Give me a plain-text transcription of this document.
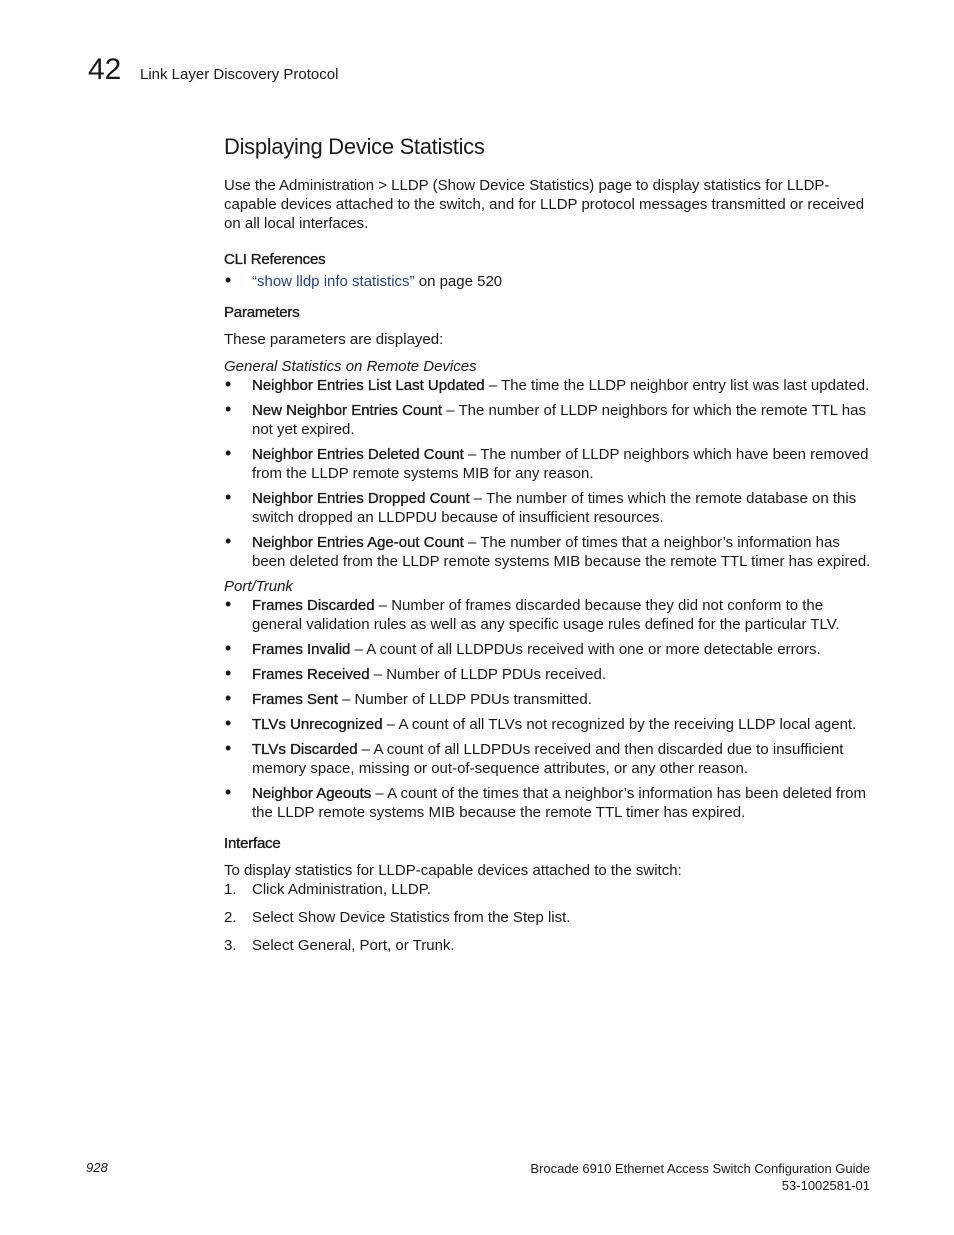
42 Link Layer Discovery Protocol
Displaying Device Statistics

Use the Administration > LLDP (Show Device Statistics) page to display statistics for LLDP-capable devices attached to the switch, and for LLDP protocol messages transmitted or received on all local interfaces.

CLI References
• “show lldp info statistics” on page 520
Parameters

These parameters are displayed:

General Statistics on Remote Devices

• Neighbor Entries List Last Updated – The time the LLDP neighbor entry list was last updated.
• New Neighbor Entries Count – The number of LLDP neighbors for which the remote TTL has not yet expired.
• Neighbor Entries Deleted Count – The number of LLDP neighbors which have been removed from the LLDP remote systems MIB for any reason.
• Neighbor Entries Dropped Count – The number of times which the remote database on this switch dropped an LLDPDU because of insufficient resources.
• Neighbor Entries Age-out Count – The number of times that a neighbor’s information has been deleted from the LLDP remote systems MIB because the remote TTL timer has expired.

Port/Trunk

• Frames Discarded – Number of frames discarded because they did not conform to the general validation rules as well as any specific usage rules defined for the particular TLV.
• Frames Invalid – A count of all LLDPDUs received with one or more detectable errors.
• Frames Received – Number of LLDP PDUs received.
• Frames Sent – Number of LLDP PDUs transmitted.
• TLVs Unrecognized – A count of all TLVs not recognized by the receiving LLDP local agent.
• TLVs Discarded – A count of all LLDPDUs received and then discarded due to insufficient memory space, missing or out-of-sequence attributes, or any other reason.
• Neighbor Ageouts – A count of the times that a neighbor’s information has been deleted from the LLDP remote systems MIB because the remote TTL timer has expired.
Interface

To display statistics for LLDP-capable devices attached to the switch:

1. Click Administration, LLDP.
2. Select Show Device Statistics from the Step list.
3. Select General, Port, or Trunk.
928	Brocade 6910 Ethernet Access Switch Configuration Guide
53-1002581-01
